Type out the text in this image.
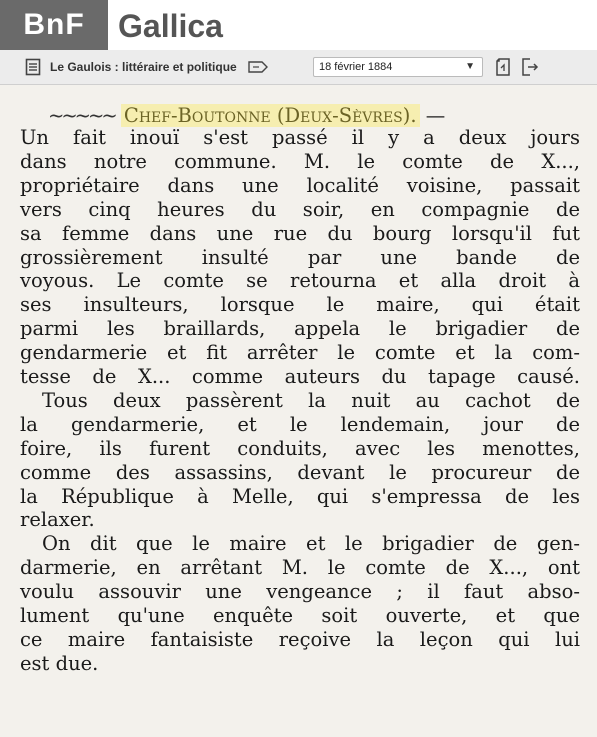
BnF Gallica
Le Gaulois : littéraire et politique	18 février 1884	▼

~~~~~ Chef-Boutonne (Deux-Sèvres). —

Un fait inouï s'est passé il y a deux jours

dans notre commune. M. le comte de X...,

propriétaire dans une localité voisine, passait

vers cinq heures du soir, en compagnie de

sa femme dans une rue du bourg lorsqu'il fut

grossièrement insulté par une bande de

voyous. Le comte se retourna et alla droit à

ses insulteurs, lorsque le maire, qui était

parmi les braillards, appela le brigadier de

gendarmerie et fit arrêter le comte et la com-

tesse de X... comme auteurs du tapage causé.

Tous deux passèrent la nuit au cachot de

la gendarmerie, et le lendemain, jour de

foire, ils furent conduits, avec les menottes,

comme des assassins, devant le procureur de

la République à Melle, qui s'empressa de les

relaxer.

On dit que le maire et le brigadier de gen-

darmerie, en arrêtant M. le comte de X..., ont

voulu assouvir une vengeance ; il faut abso-

lument qu'une enquête soit ouverte, et que

ce maire fantaisiste reçoive la leçon qui lui

est due.
